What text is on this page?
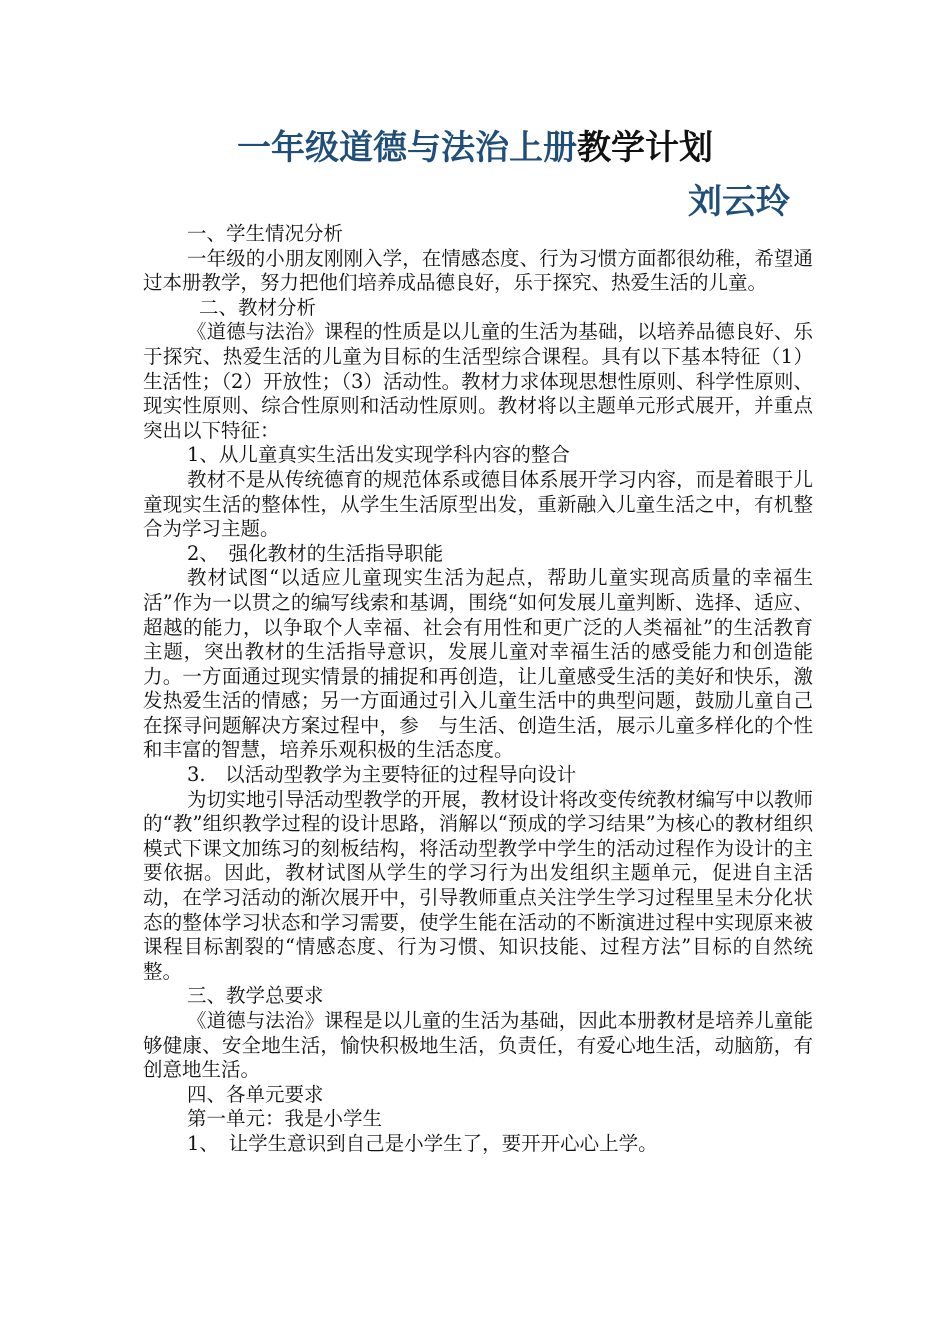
一年级道德与法治上册教学计划
刘云玲

一、学生情况分析

一年级的小朋友刚刚入学，在情感态度、行为习惯方面都很幼稚，希望通过本册教学，努力把他们培养成品德良好，乐于探究、热爱生活的儿童。

二、教材分析

《道德与法治》课程的性质是以儿童的生活为基础，以培养品德良好、乐于探究、热爱生活的儿童为目标的生活型综合课程。具有以下基本特征（1）生活性；（2）开放性；（3）活动性。教材力求体现思想性原则、科学性原则、现实性原则、综合性原则和活动性原则。教材将以主题单元形式展开，并重点突出以下特征：

1、从儿童真实生活出发实现学科内容的整合

教材不是从传统德育的规范体系或德目体系展开学习内容，而是着眼于儿童现实生活的整体性，从学生生活原型出发，重新融入儿童生活之中，有机整合为学习主题。

2、　强化教材的生活指导职能

教材试图“以适应儿童现实生活为起点，帮助儿童实现高质量的幸福生活”作为一以贯之的编写线索和基调，围绕“如何发展儿童判断、选择、适应、超越的能力，以争取个人幸福、社会有用性和更广泛的人类福祉”的生活教育主题，突出教材的生活指导意识，发展儿童对幸福生活的感受能力和创造能力。一方面通过现实情景的捕捉和再创造，让儿童感受生活的美好和快乐，激发热爱生活的情感；另一方面通过引入儿童生活中的典型问题，鼓励儿童自己在探寻问题解决方案过程中，参　与生活、创造生活，展示儿童多样化的个性和丰富的智慧，培养乐观积极的生活态度。

3.　以活动型教学为主要特征的过程导向设计

为切实地引导活动型教学的开展，教材设计将改变传统教材编写中以教师的“教”组织教学过程的设计思路，消解以“预成的学习结果”为核心的教材组织模式下课文加练习的刻板结构，将活动型教学中学生的活动过程作为设计的主要依据。因此，教材试图从学生的学习行为出发组织主题单元，促进自主活动，在学习活动的渐次展开中，引导教师重点关注学生学习过程里呈未分化状态的整体学习状态和学习需要，使学生能在活动的不断演进过程中实现原来被课程目标割裂的“情感态度、行为习惯、知识技能、过程方法”目标的自然统整。

三、教学总要求

《道德与法治》课程是以儿童的生活为基础，因此本册教材是培养儿童能够健康、安全地生活，愉快积极地生活，负责任，有爱心地生活，动脑筋，有创意地生活。

四、各单元要求

第一单元：我是小学生

1、　让学生意识到自己是小学生了，要开开心心上学。
